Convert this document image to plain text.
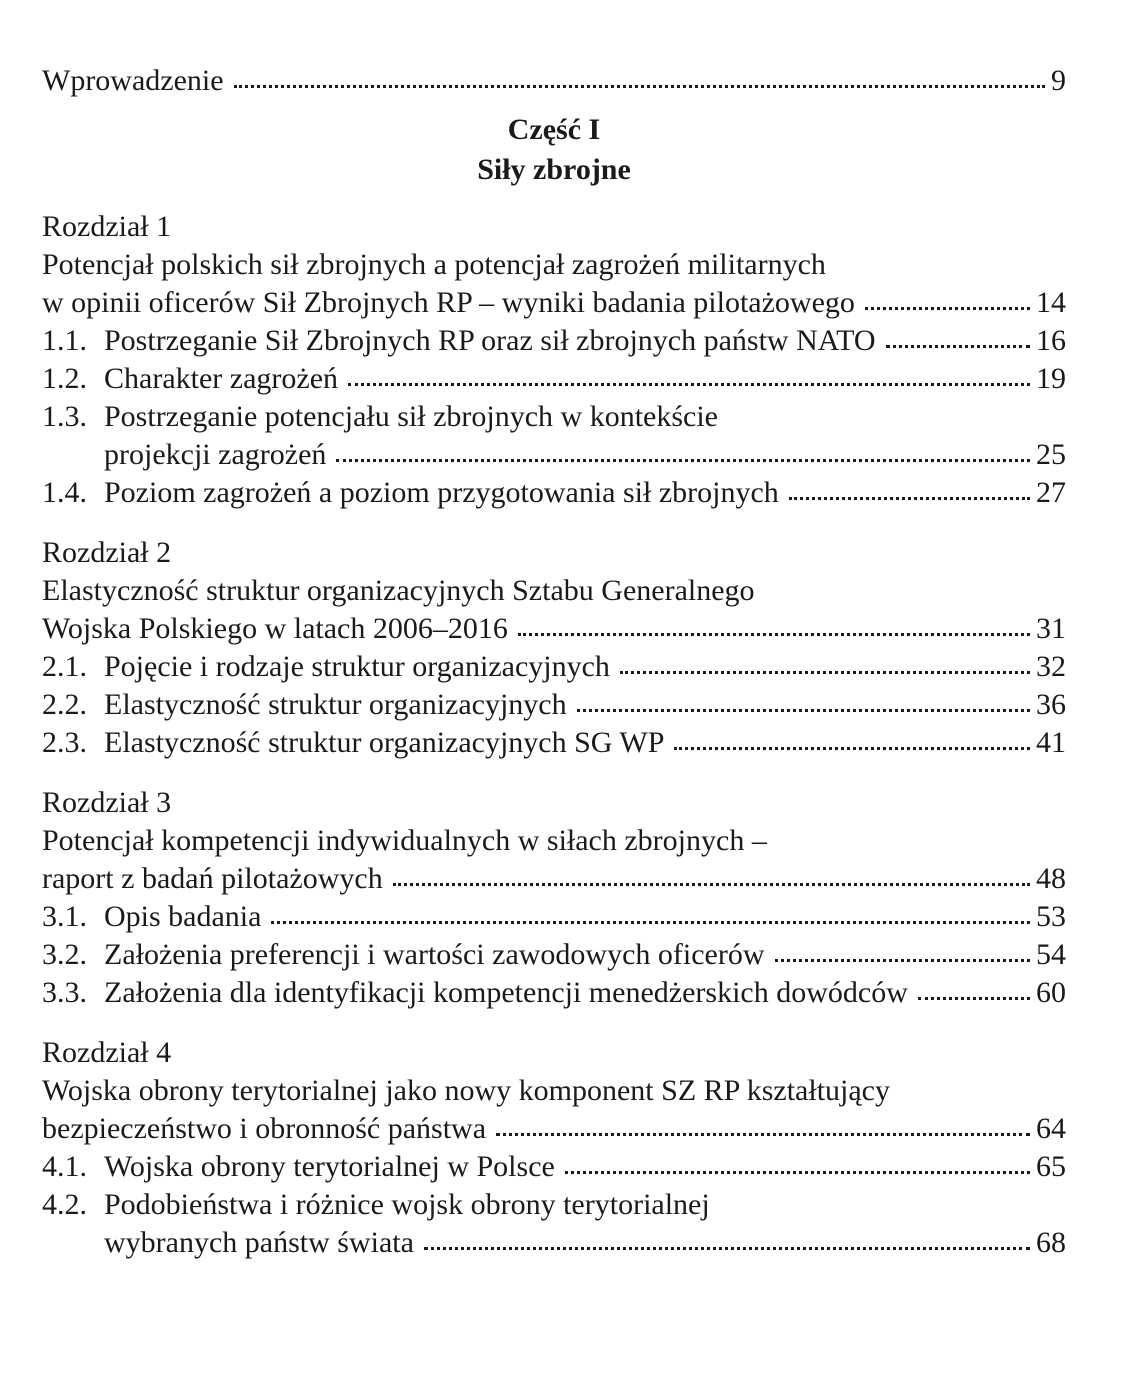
Wprowadzenie	9
Część I
Siły zbrojne
Rozdział 1
Potencjał polskich sił zbrojnych a potencjał zagrożeń militarnych
w opinii oficerów Sił Zbrojnych RP – wyniki badania pilotażowego	14
1.1. Postrzeganie Sił Zbrojnych RP oraz sił zbrojnych państw NATO	16
1.2. Charakter zagrożeń	19
1.3. Postrzeganie potencjału sił zbrojnych w kontekście
projekcji zagrożeń	25
1.4. Poziom zagrożeń a poziom przygotowania sił zbrojnych	27
Rozdział 2
Elastyczność struktur organizacyjnych Sztabu Generalnego
Wojska Polskiego w latach 2006–2016	31
2.1. Pojęcie i rodzaje struktur organizacyjnych	32
2.2. Elastyczność struktur organizacyjnych	36
2.3. Elastyczność struktur organizacyjnych SG WP	41
Rozdział 3
Potencjał kompetencji indywidualnych w siłach zbrojnych –
raport z badań pilotażowych	48
3.1. Opis badania	53
3.2. Założenia preferencji i wartości zawodowych oficerów	54
3.3. Założenia dla identyfikacji kompetencji menedżerskich dowódców	60
Rozdział 4
Wojska obrony terytorialnej jako nowy komponent SZ RP kształtujący
bezpieczeństwo i obronność państwa	64
4.1. Wojska obrony terytorialnej w Polsce	65
4.2. Podobieństwa i różnice wojsk obrony terytorialnej
wybranych państw świata	68
